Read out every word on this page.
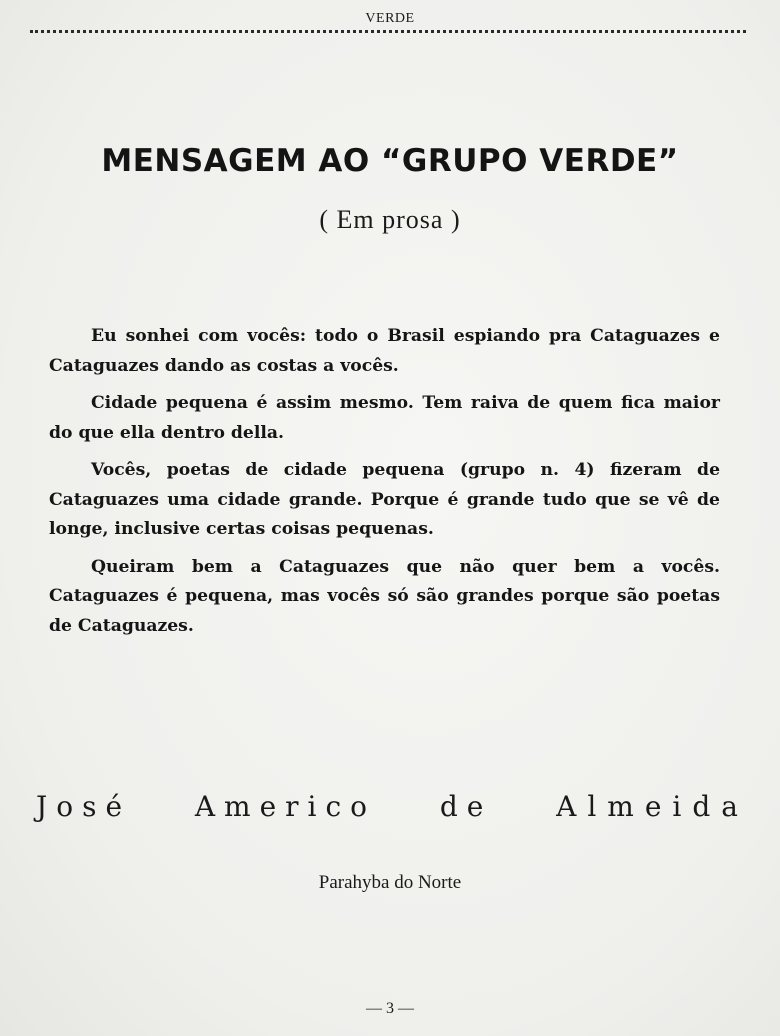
VERDE
MENSAGEM AO “GRUPO VERDE”
( Em prosa )

Eu sonhei com vocês: todo o Brasil espiando pra Cataguazes e Cataguazes dando as costas a vocês.

Cidade pequena é assim mesmo. Tem raiva de quem fica maior do que ella dentro della.

Vocês, poetas de cidade pequena (grupo n. 4) fizeram de Cataguazes uma cidade grande. Porque é grande tudo que se vê de longe, inclusive certas coisas pequenas.

Queiram bem a Cataguazes que não quer bem a vocês. Cataguazes é pequena, mas vocês só são grandes porque são poetas de Cataguazes.

José Americo de Almeida
Parahyba do Norte
— 3 —
